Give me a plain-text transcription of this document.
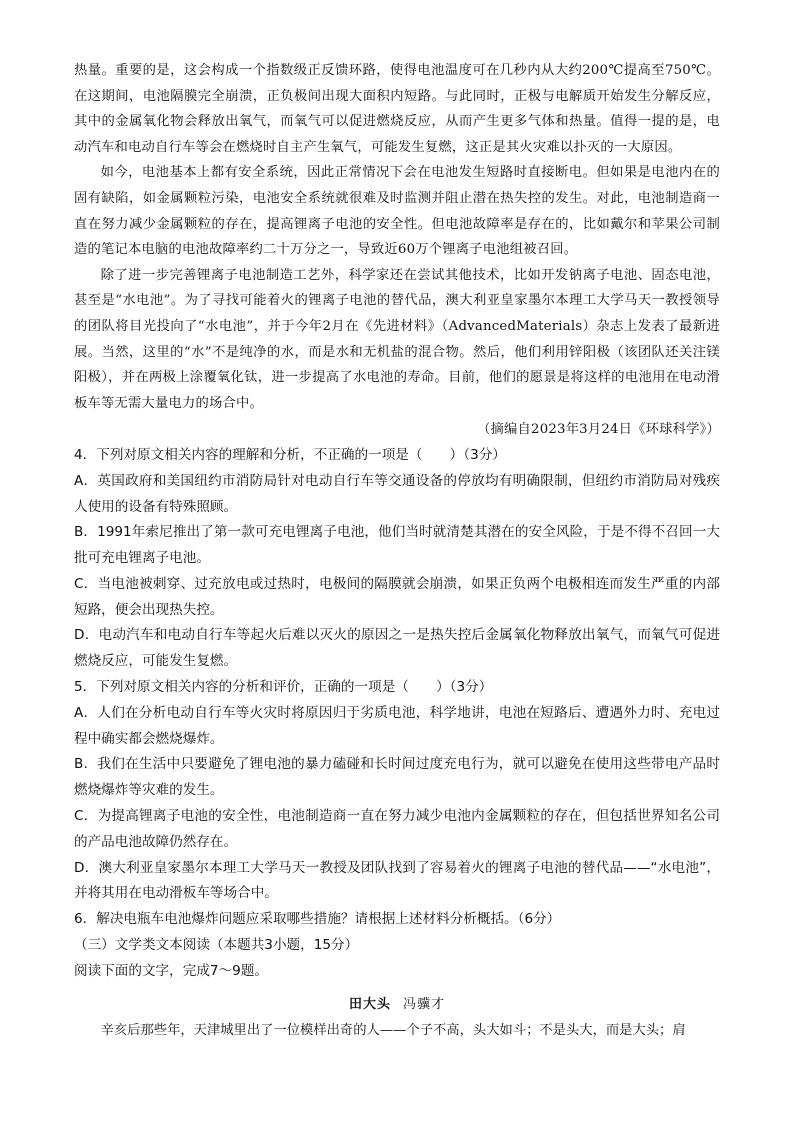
热量。重要的是，这会构成一个指数级正反馈环路，使得电池温度可在几秒内从大约200℃提高至750℃。在这期间，电池隔膜完全崩溃，正负极间出现大面积内短路。与此同时，正极与电解质开始发生分解反应，其中的金属氧化物会释放出氧气，而氧气可以促进燃烧反应，从而产生更多气体和热量。值得一提的是，电动汽车和电动自行车等会在燃烧时自主产生氧气，可能发生复燃，这正是其火灾难以扑灭的一大原因。

如今，电池基本上都有安全系统，因此正常情况下会在电池发生短路时直接断电。但如果是电池内在的固有缺陷，如金属颗粒污染，电池安全系统就很难及时监测并阻止潜在热失控的发生。对此，电池制造商一直在努力减少金属颗粒的存在，提高锂离子电池的安全性。但电池故障率是存在的，比如戴尔和苹果公司制造的笔记本电脑的电池故障率约二十万分之一，导致近60万个锂离子电池组被召回。

除了进一步完善锂离子电池制造工艺外，科学家还在尝试其他技术，比如开发钠离子电池、固态电池，甚至是“水电池”。为了寻找可能着火的锂离子电池的替代品，澳大利亚皇家墨尔本理工大学马天一教授领导的团队将目光投向了“水电池”，并于今年2月在《先进材料》（AdvancedMaterials）杂志上发表了最新进展。当然，这里的“水”不是纯净的水，而是水和无机盐的混合物。然后，他们利用锌阳极（该团队还关注镁阳极），并在两极上涂覆氧化钛，进一步提高了水电池的寿命。目前，他们的愿景是将这样的电池用在电动滑板车等无需大量电力的场合中。

（摘编自2023年3月24日《环球科学》）

4．下列对原文相关内容的理解和分析，不正确的一项是（　　）（3分）

A．英国政府和美国纽约市消防局针对电动自行车等交通设备的停放均有明确限制，但纽约市消防局对残疾人使用的设备有特殊照顾。

B．1991年索尼推出了第一款可充电锂离子电池，他们当时就清楚其潜在的安全风险，于是不得不召回一大批可充电锂离子电池。

C．当电池被刺穿、过充放电或过热时，电极间的隔膜就会崩溃，如果正负两个电极相连而发生严重的内部短路，便会出现热失控。

D．电动汽车和电动自行车等起火后难以灭火的原因之一是热失控后金属氧化物释放出氧气，而氧气可促进燃烧反应，可能发生复燃。

5．下列对原文相关内容的分析和评价，正确的一项是（　　）（3分）

A．人们在分析电动自行车等火灾时将原因归于劣质电池，科学地讲，电池在短路后、遭遇外力时、充电过程中确实都会燃烧爆炸。

B．我们在生活中只要避免了锂电池的暴力磕碰和长时间过度充电行为，就可以避免在使用这些带电产品时燃烧爆炸等灾难的发生。

C．为提高锂离子电池的安全性，电池制造商一直在努力减少电池内金属颗粒的存在，但包括世界知名公司的产品电池故障仍然存在。

D．澳大利亚皇家墨尔本理工大学马天一教授及团队找到了容易着火的锂离子电池的替代品——“水电池”，并将其用在电动滑板车等场合中。

6．解决电瓶车电池爆炸问题应采取哪些措施？请根据上述材料分析概括。（6分）

（三）文学类文本阅读（本题共3小题，15分）

阅读下面的文字，完成7～9题。

田大头 冯骥才

辛亥后那些年，天津城里出了一位模样出奇的人——个子不高，头大如斗；不是头大，而是大头；肩
